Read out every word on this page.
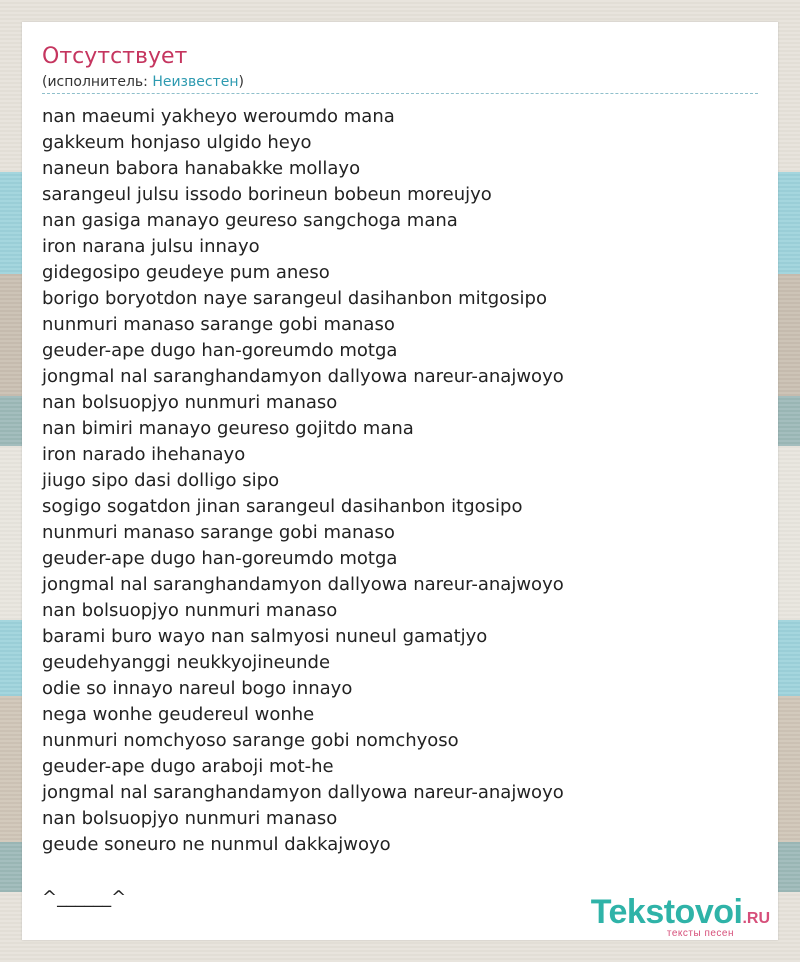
Отсутствует
(исполнитель: Неизвестен)
nan maeumi yakheyo weroumdo mana
gakkeum honjaso ulgido heyo
naneun babora hanabakke mollayo
sarangeul julsu issodo borineun bobeun moreujyo
nan gasiga manayo geureso sangchoga mana
iron narana julsu innayo
gidegosipo geudeye pum aneso
borigo boryotdon naye sarangeul dasihanbon mitgosipo
nunmuri manaso sarange gobi manaso
geuder-ape dugo han-goreumdo motga
jongmal nal saranghandamyon dallyowa nareur-anajwoyo
nan bolsuopjyo nunmuri manaso
nan bimiri manayo geureso gojitdo mana
iron narado ihehanayo
jiugo sipo dasi dolligo sipo
sogigo sogatdon jinan sarangeul dasihanbon itgosipo
nunmuri manaso sarange gobi manaso
geuder-ape dugo han-goreumdo motga
jongmal nal saranghandamyon dallyowa nareur-anajwoyo
nan bolsuopjyo nunmuri manaso
barami buro wayo nan salmyosi nuneul gamatjyo
geudehyanggi neukkyojineunde
odie so innayo nareul bogo innayo
nega wonhe geudereul wonhe
nunmuri nomchyoso sarange gobi nomchyoso
geuder-ape dugo araboji mot-he
jongmal nal saranghandamyon dallyowa nareur-anajwoyo
nan bolsuopjyo nunmuri manaso
geude soneuro ne nunmul dakkajwoyo
^______^	Tekstovoi.RU
тексты песен
